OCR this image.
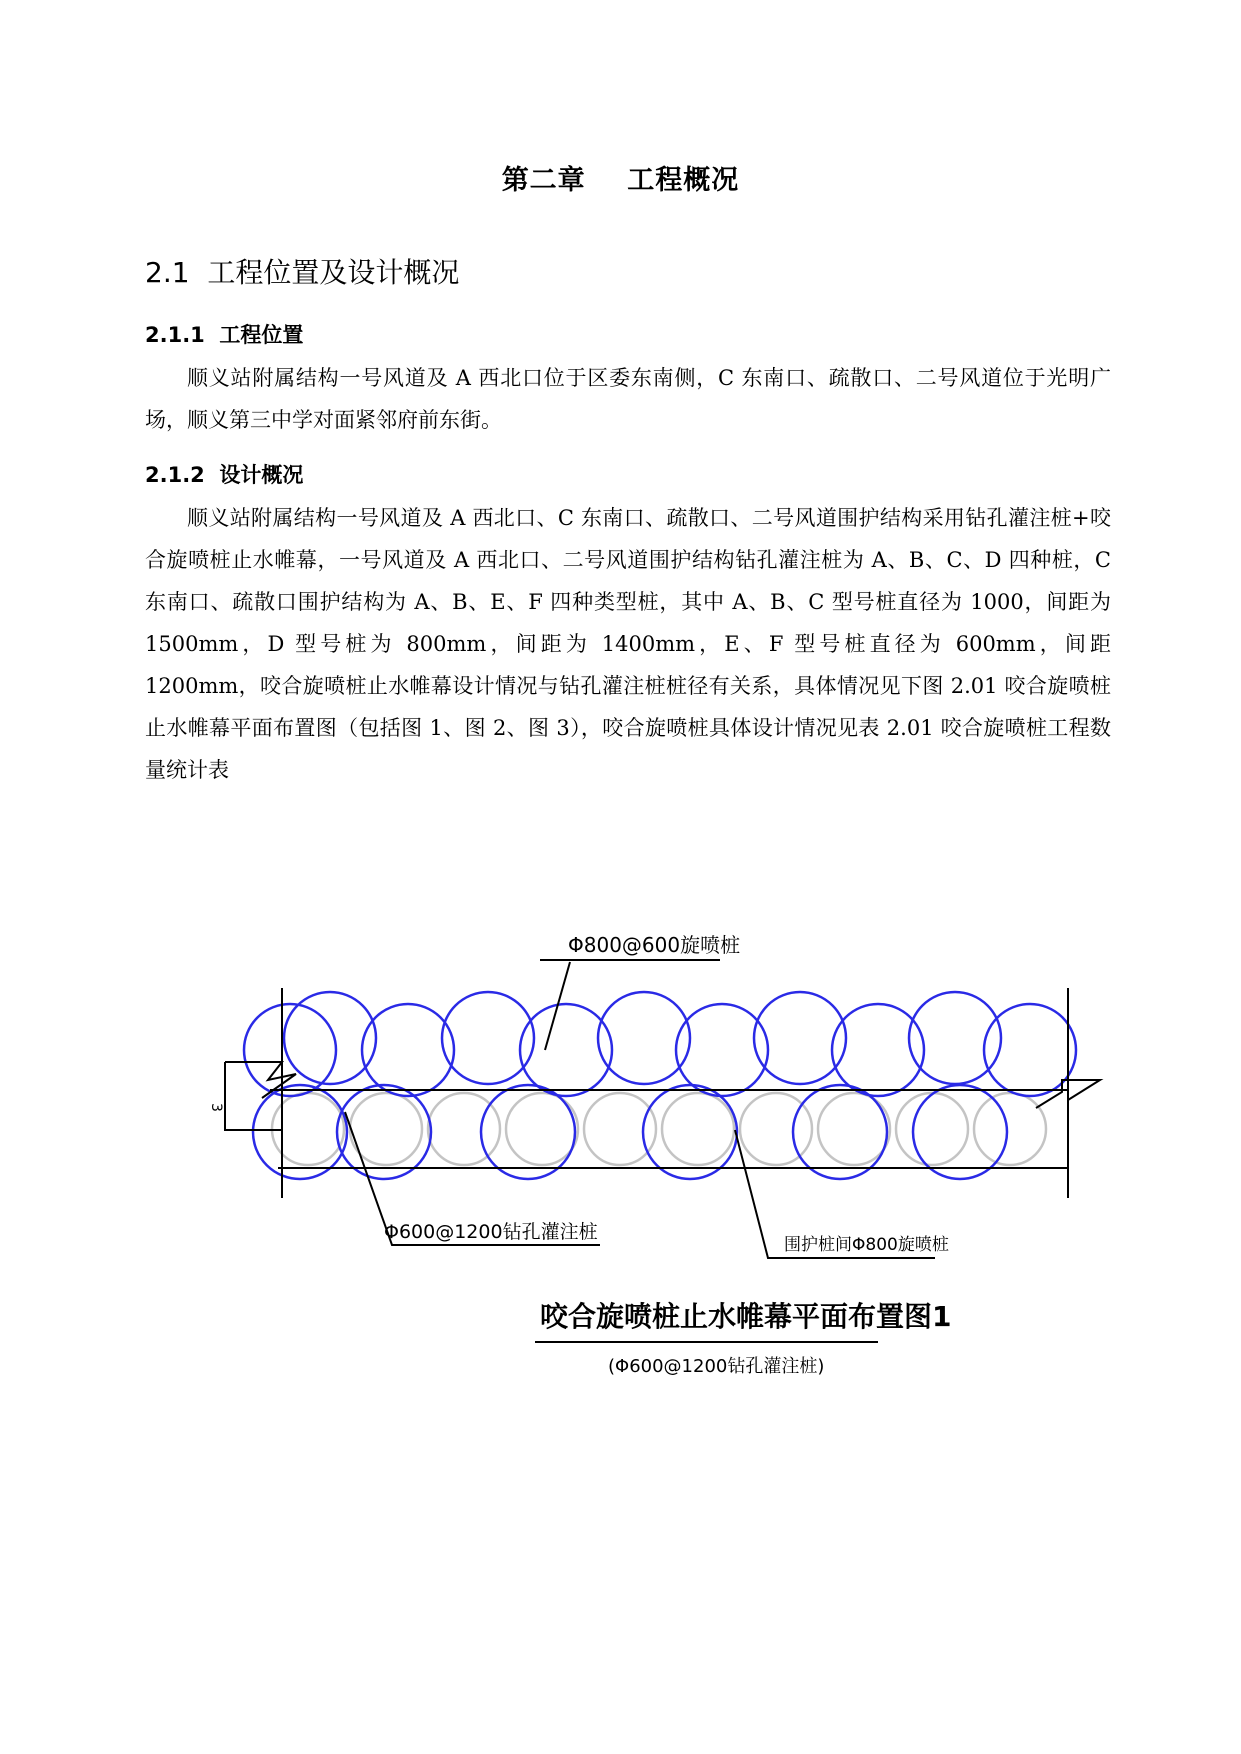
第二章    工程概况
2.1  工程位置及设计概况
2.1.1  工程位置

顺义站附属结构一号风道及 A 西北口位于区委东南侧，C 东南口、疏散口、二号风道位于光明广场，顺义第三中学对面紧邻府前东街。

2.1.2  设计概况

顺义站附属结构一号风道及 A 西北口、C 东南口、疏散口、二号风道围护结构采用钻孔灌注桩+咬合旋喷桩止水帷幕，一号风道及 A 西北口、二号风道围护结构钻孔灌注桩为 A、B、C、D 四种桩，C 东南口、疏散口围护结构为 A、B、E、F 四种类型桩，其中 A、B、C 型号桩直径为 1000，间距为 1500mm，D 型号桩为 800mm，间距为 1400mm，E、F 型号桩直径为 600mm，间距 1200mm，咬合旋喷桩止水帷幕设计情况与钻孔灌注桩桩径有关系，具体情况见下图 2.01 咬合旋喷桩止水帷幕平面布置图（包括图 1、图 2、图 3），咬合旋喷桩具体设计情况见表 2.01 咬合旋喷桩工程数量统计表

3
Φ800@600旋喷桩
Φ600@1200钻孔灌注桩
围护桩间Φ800旋喷桩
咬合旋喷桩止水帷幕平面布置图1
(Φ600@1200钻孔灌注桩)
